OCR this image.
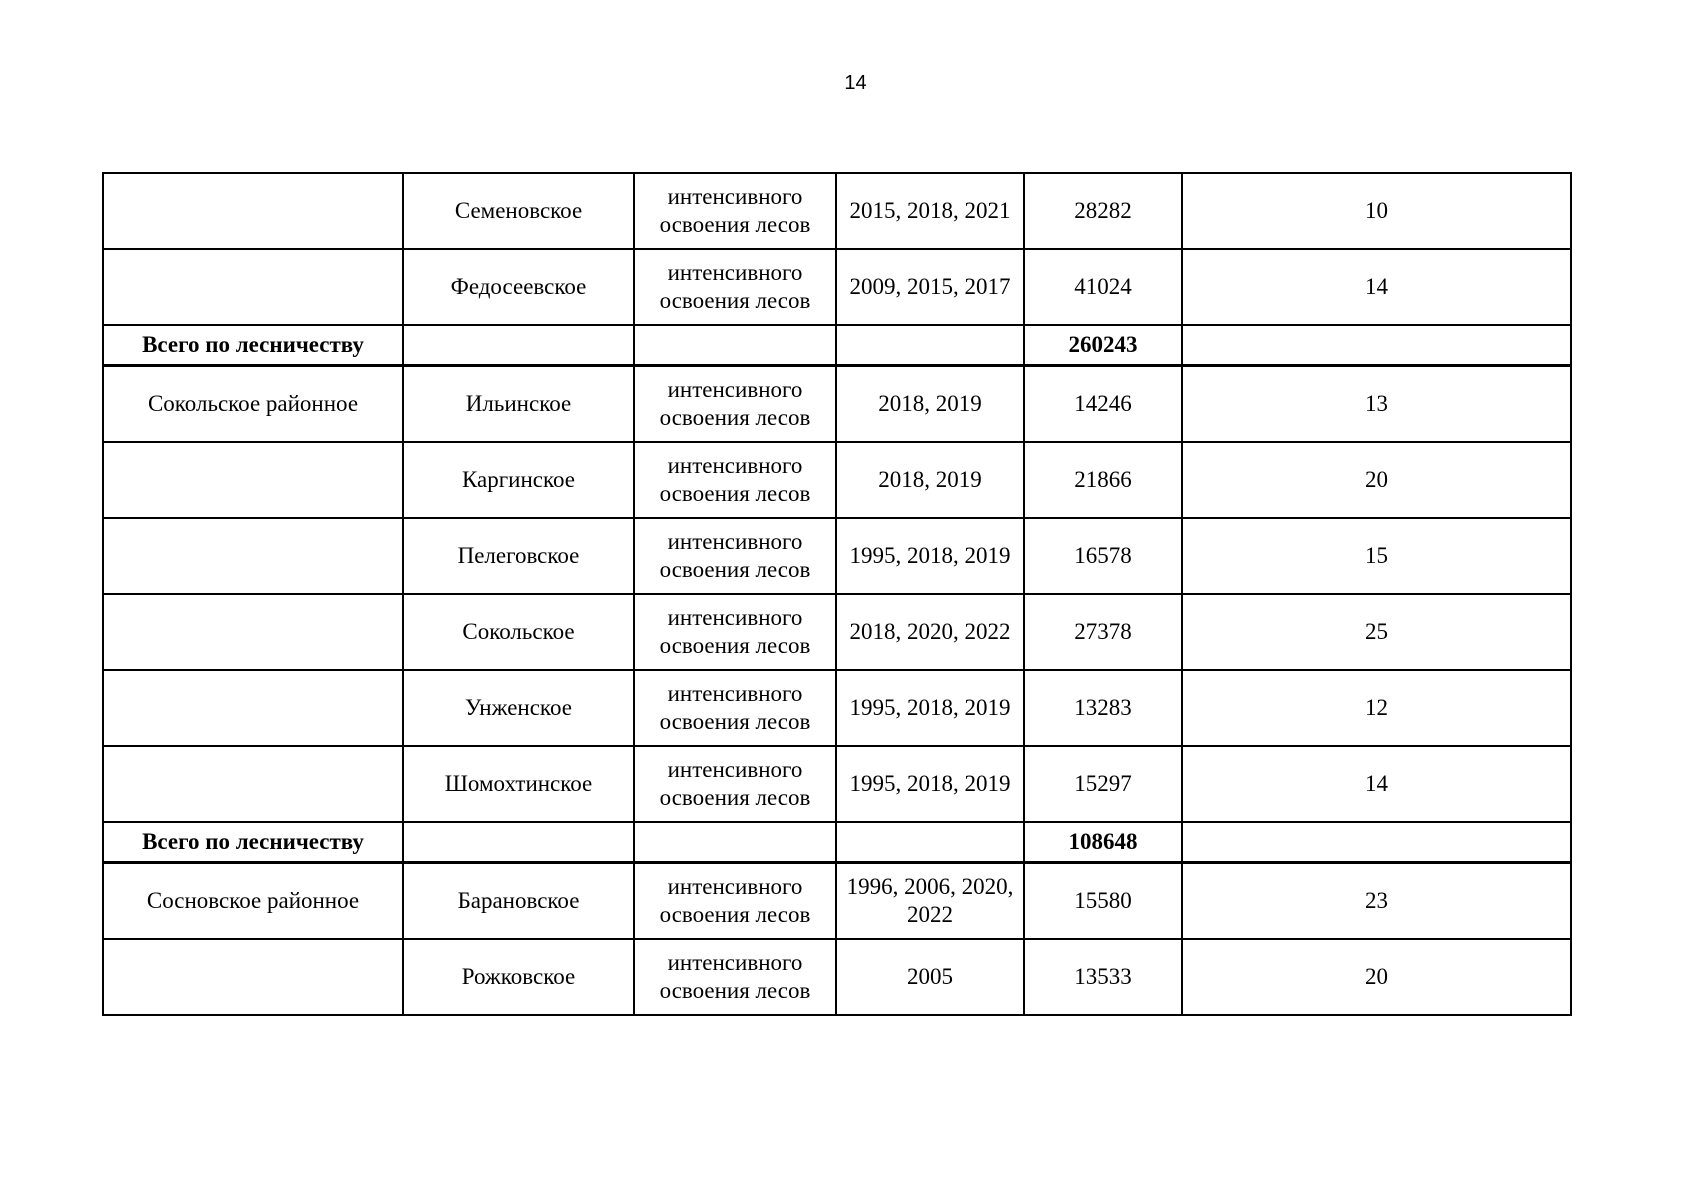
14
	Семеновское	интенсивного освоения лесов	2015, 2018, 2021	28282	10
	Федосеевское	интенсивного освоения лесов	2009, 2015, 2017	41024	14
Всего по лесничеству				260243	
Сокольское районное	Ильинское	интенсивного освоения лесов	2018, 2019	14246	13
	Каргинское	интенсивного освоения лесов	2018, 2019	21866	20
	Пелеговское	интенсивного освоения лесов	1995, 2018, 2019	16578	15
	Сокольское	интенсивного освоения лесов	2018, 2020, 2022	27378	25
	Унженское	интенсивного освоения лесов	1995, 2018, 2019	13283	12
	Шомохтинское	интенсивного освоения лесов	1995, 2018, 2019	15297	14
Всего по лесничеству				108648	
Сосновское районное	Барановское	интенсивного освоения лесов	1996, 2006, 2020, 2022	15580	23
	Рожковское	интенсивного освоения лесов	2005	13533	20
